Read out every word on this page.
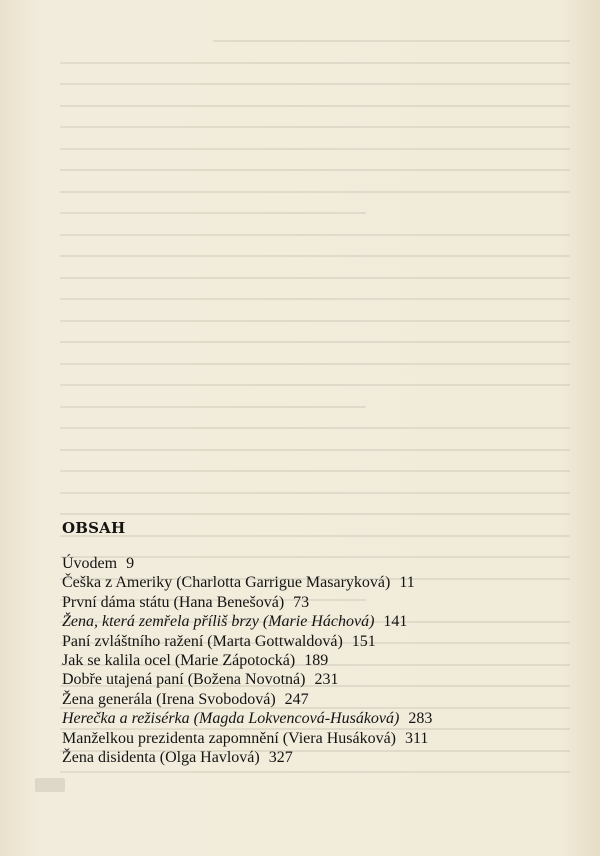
OBSAH
Úvodem 9
Češka z Ameriky (Charlotta Garrigue Masaryková) 11
První dáma státu (Hana Benešová) 73
Žena, která zemřela příliš brzy (Marie Háchová) 141
Paní zvláštního ražení (Marta Gottwaldová) 151
Jak se kalila ocel (Marie Zápotocká) 189
Dobře utajená paní (Božena Novotná) 231
Žena generála (Irena Svobodová) 247
Herečka a režisérka (Magda Lokvencová-Husáková) 283
Manželkou prezidenta zapomnění (Viera Husáková) 311
Žena disidenta (Olga Havlová) 327
